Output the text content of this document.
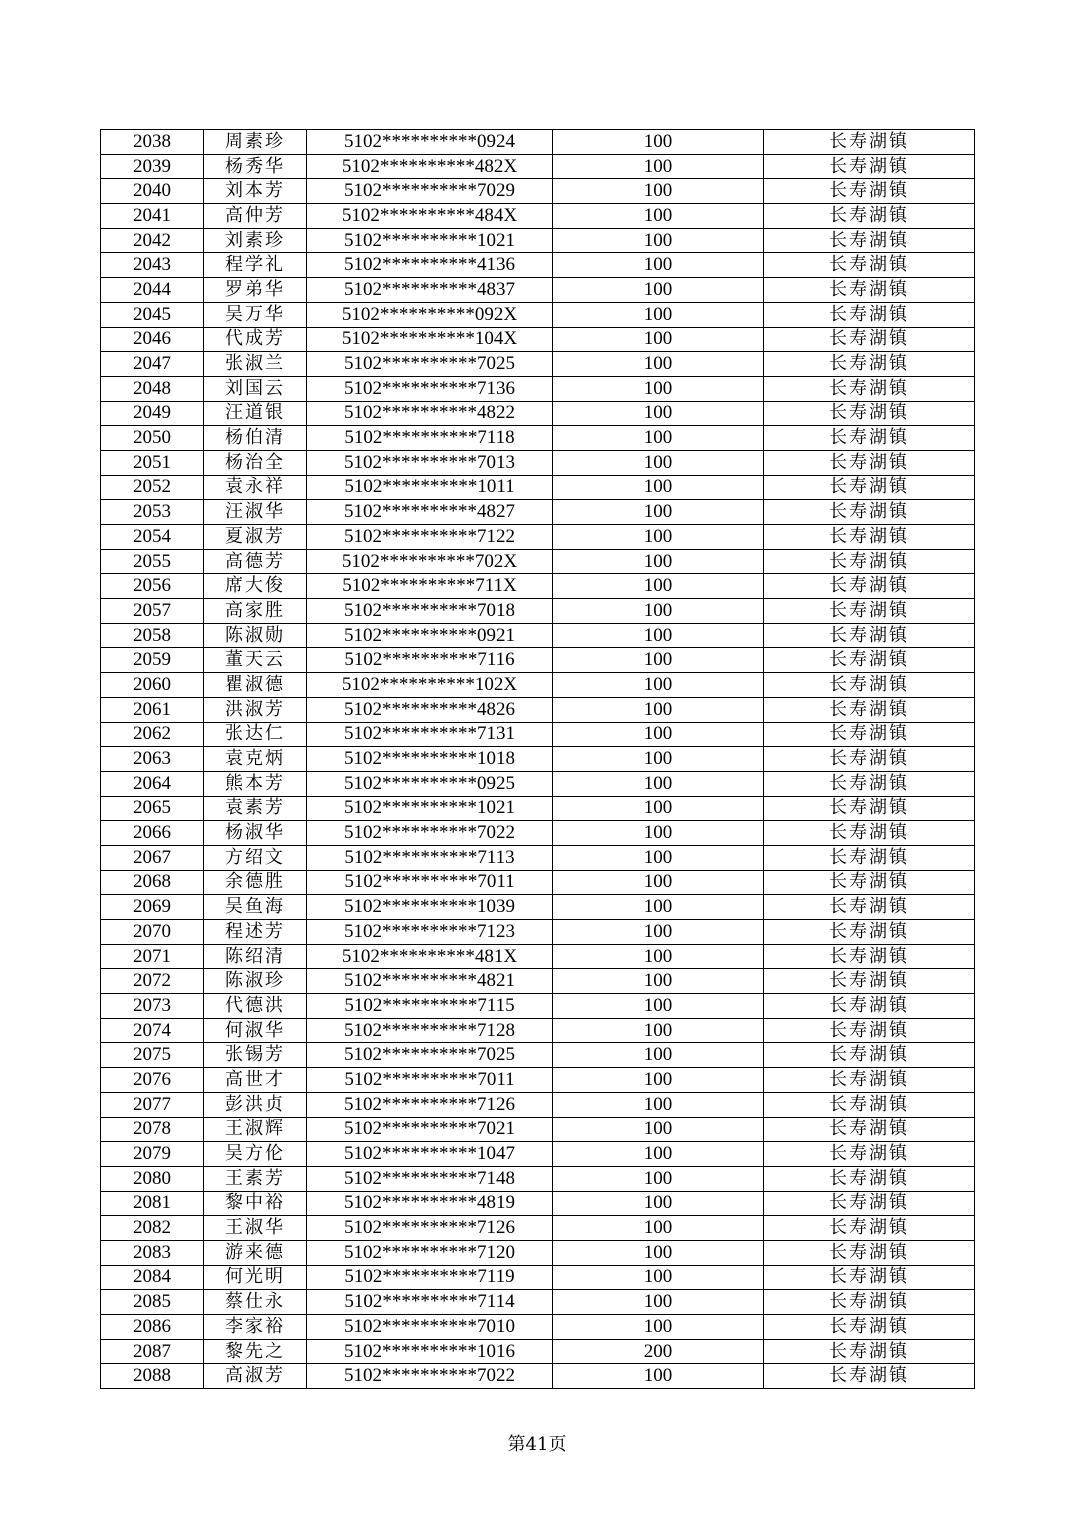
2038	周素珍	5102**********0924	100	长寿湖镇
2039	杨秀华	5102**********482X	100	长寿湖镇
2040	刘本芳	5102**********7029	100	长寿湖镇
2041	高仲芳	5102**********484X	100	长寿湖镇
2042	刘素珍	5102**********1021	100	长寿湖镇
2043	程学礼	5102**********4136	100	长寿湖镇
2044	罗弟华	5102**********4837	100	长寿湖镇
2045	吴万华	5102**********092X	100	长寿湖镇
2046	代成芳	5102**********104X	100	长寿湖镇
2047	张淑兰	5102**********7025	100	长寿湖镇
2048	刘国云	5102**********7136	100	长寿湖镇
2049	汪道银	5102**********4822	100	长寿湖镇
2050	杨伯清	5102**********7118	100	长寿湖镇
2051	杨治全	5102**********7013	100	长寿湖镇
2052	袁永祥	5102**********1011	100	长寿湖镇
2053	汪淑华	5102**********4827	100	长寿湖镇
2054	夏淑芳	5102**********7122	100	长寿湖镇
2055	高德芳	5102**********702X	100	长寿湖镇
2056	席大俊	5102**********711X	100	长寿湖镇
2057	高家胜	5102**********7018	100	长寿湖镇
2058	陈淑勋	5102**********0921	100	长寿湖镇
2059	董天云	5102**********7116	100	长寿湖镇
2060	瞿淑德	5102**********102X	100	长寿湖镇
2061	洪淑芳	5102**********4826	100	长寿湖镇
2062	张达仁	5102**********7131	100	长寿湖镇
2063	袁克炳	5102**********1018	100	长寿湖镇
2064	熊本芳	5102**********0925	100	长寿湖镇
2065	袁素芳	5102**********1021	100	长寿湖镇
2066	杨淑华	5102**********7022	100	长寿湖镇
2067	方绍文	5102**********7113	100	长寿湖镇
2068	余德胜	5102**********7011	100	长寿湖镇
2069	吴鱼海	5102**********1039	100	长寿湖镇
2070	程述芳	5102**********7123	100	长寿湖镇
2071	陈绍清	5102**********481X	100	长寿湖镇
2072	陈淑珍	5102**********4821	100	长寿湖镇
2073	代德洪	5102**********7115	100	长寿湖镇
2074	何淑华	5102**********7128	100	长寿湖镇
2075	张锡芳	5102**********7025	100	长寿湖镇
2076	高世才	5102**********7011	100	长寿湖镇
2077	彭洪贞	5102**********7126	100	长寿湖镇
2078	王淑辉	5102**********7021	100	长寿湖镇
2079	吴方伦	5102**********1047	100	长寿湖镇
2080	王素芳	5102**********7148	100	长寿湖镇
2081	黎中裕	5102**********4819	100	长寿湖镇
2082	王淑华	5102**********7126	100	长寿湖镇
2083	游来德	5102**********7120	100	长寿湖镇
2084	何光明	5102**********7119	100	长寿湖镇
2085	蔡仕永	5102**********7114	100	长寿湖镇
2086	李家裕	5102**********7010	100	长寿湖镇
2087	黎先之	5102**********1016	200	长寿湖镇
2088	高淑芳	5102**********7022	100	长寿湖镇
第41页
